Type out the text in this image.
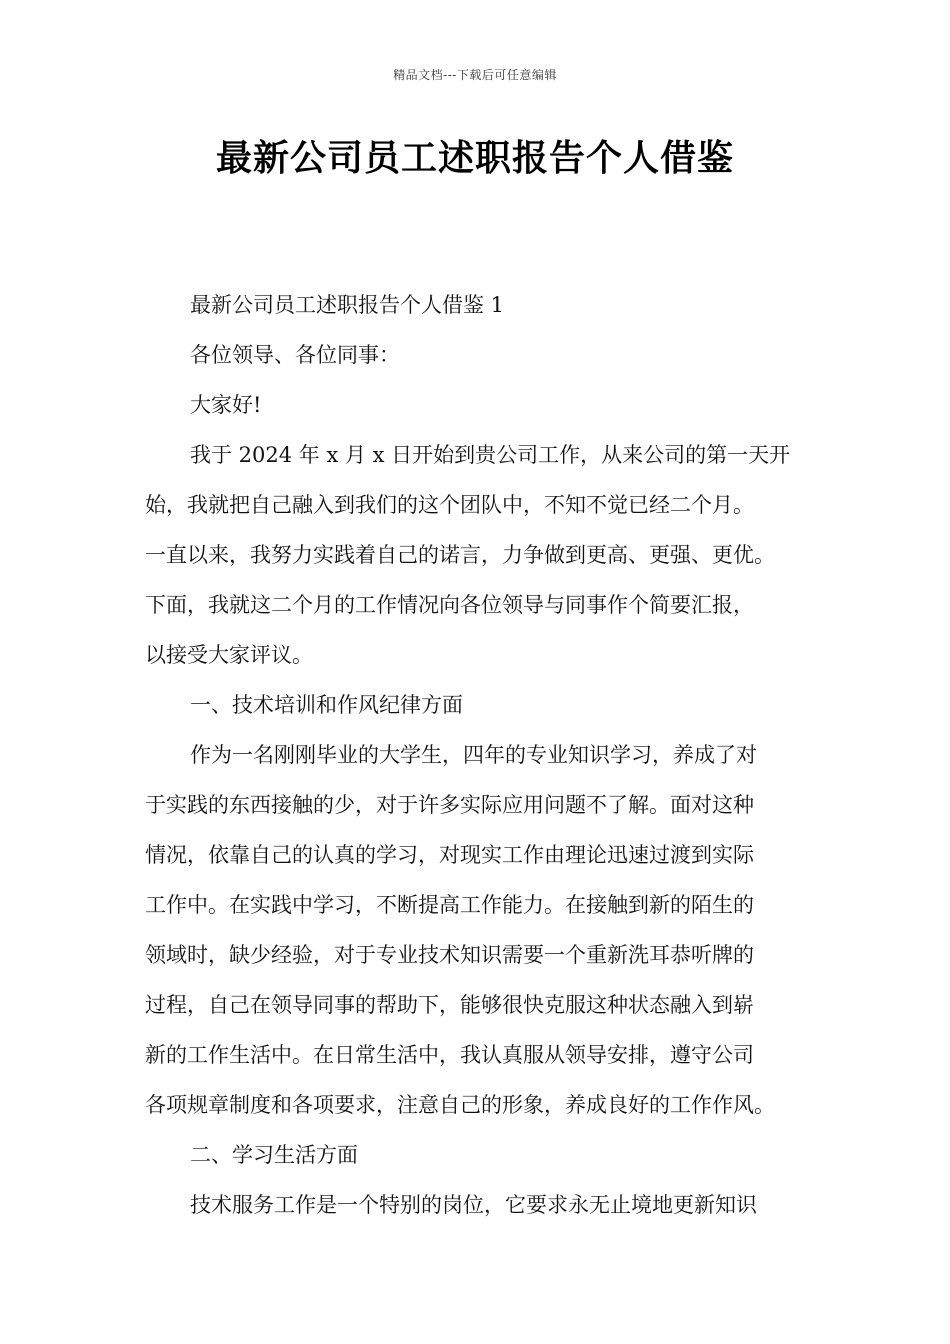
精品文档---下载后可任意编辑
最新公司员工述职报告个人借鉴
最新公司员工述职报告个人借鉴 1
各位领导、各位同事：
大家好!
我于 2024 年 x 月 x 日开始到贵公司工作，从来公司的第一天开
始，我就把自己融入到我们的这个团队中，不知不觉已经二个月。
一直以来，我努力实践着自己的诺言，力争做到更高、更强、更优。
下面，我就这二个月的工作情况向各位领导与同事作个简要汇报，
以接受大家评议。
一、技术培训和作风纪律方面
作为一名刚刚毕业的大学生，四年的专业知识学习，养成了对
于实践的东西接触的少，对于许多实际应用问题不了解。面对这种
情况，依靠自己的认真的学习，对现实工作由理论迅速过渡到实际
工作中。在实践中学习，不断提高工作能力。在接触到新的陌生的
领域时，缺少经验，对于专业技术知识需要一个重新洗耳恭听牌的
过程，自己在领导同事的帮助下，能够很快克服这种状态融入到崭
新的工作生活中。在日常生活中，我认真服从领导安排，遵守公司
各项规章制度和各项要求，注意自己的形象，养成良好的工作作风。
二、学习生活方面
技术服务工作是一个特别的岗位，它要求永无止境地更新知识
